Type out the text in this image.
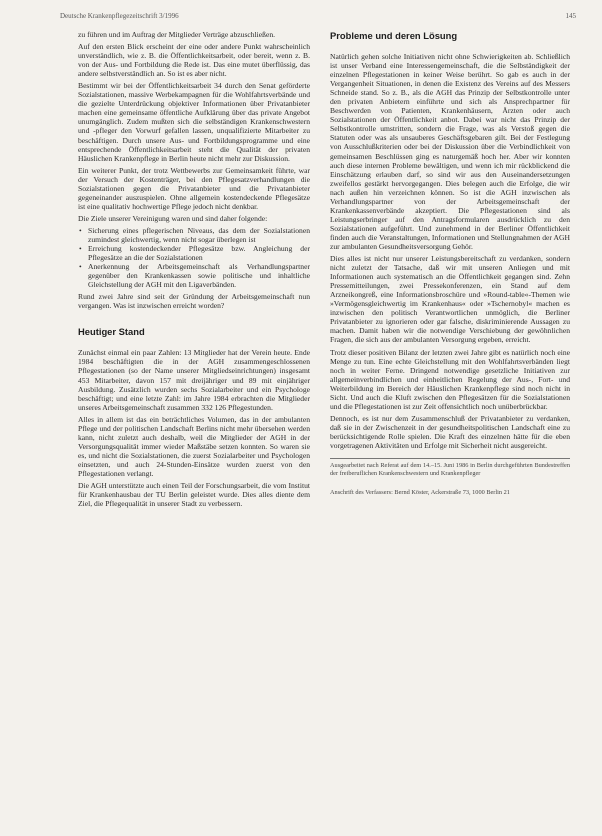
Deutsche Krankenpflegezeitschrift 3/1996	145

zu führen und im Auftrag der Mitglieder Verträge abzuschließen.

Auf den ersten Blick erscheint der eine oder andere Punkt wahrscheinlich unverständlich, wie z. B. die Öffentlichkeitsarbeit, oder bereit, wenn z. B. von der Aus- und Fortbildung die Rede ist. Das eine mutet überflüssig, das andere selbstverständlich an. So ist es aber nicht.

Bestimmt wir bei der Öffentlichkeitsarbeit 34 durch den Senat geförderte Sozialstationen, massive Werbekampagnen für die Wohlfahrtsverbände und die gezielte Unterdrückung objektiver Informationen über Privatanbieter machen eine gemeinsame öffentliche Aufklärung über das private Angebot unumgänglich. Zudem mußten sich die selbständigen Krankenschwestern und -pfleger den Vorwurf gefallen lassen, unqualifizierte Mitarbeiter zu beschäftigen. Durch unsere Aus- und Fortbildungsprogramme und eine entsprechende Öffentlichkeitsarbeit steht die Qualität der privaten Häuslichen Krankenpflege in Berlin heute nicht mehr zur Diskussion.

Ein weiterer Punkt, der trotz Wettbewerbs zur Gemeinsamkeit führte, war der Versuch der Kostenträger, bei den Pflegesatzverhandlungen die Sozialstationen gegen die Privatanbieter und die Privatanbieter gegeneinander auszuspielen. Ohne allgemein kostendeckende Pflegesätze ist eine qualitativ hochwertige Pflege jedoch nicht denkbar.

Die Ziele unserer Vereinigung waren und sind daher folgende:

• Sicherung eines pflegerischen Niveaus, das dem der Sozialstationen zumindest gleichwertig, wenn nicht sogar überlegen ist
• Erreichung kostendeckender Pflegesätze bzw. Angleichung der Pflegesätze an die der Sozialstationen
• Anerkennung der Arbeitsgemeinschaft als Verhandlungspartner gegenüber den Krankenkassen sowie politische und inhaltliche Gleichstellung der AGH mit den Ligaverbänden.

Rund zwei Jahre sind seit der Gründung der Arbeitsgemeinschaft nun vergangen. Was ist inzwischen erreicht worden?

Heutiger Stand

Zunächst einmal ein paar Zahlen: 13 Mitglieder hat der Verein heute. Ende 1984 beschäftigten die in der AGH zusammengeschlossenen Pflegestationen (so der Name unserer Mitgliedseinrichtungen) insgesamt 453 Mitarbeiter, davon 157 mit dreijähriger und 89 mit einjähriger Ausbildung. Zusätzlich wurden sechs Sozialarbeiter und ein Psychologe beschäftigt; und eine letzte Zahl: im Jahre 1984 erbrachten die Mitglieder unseres Arbeitsgemeinschaft zusammen 332 126 Pflegestunden.

Alles in allem ist das ein beträchtliches Volumen, das in der ambulanten Pflege und der politischen Landschaft Berlins nicht mehr übersehen werden kann, nicht zuletzt auch deshalb, weil die Mitglieder der AGH in der Versorgungsqualität immer wieder Maßstäbe setzen konnten. So waren sie es, und nicht die Sozialstationen, die zuerst Sozialarbeiter und Psychologen einsetzten, und auch 24-Stunden-Einsätze wurden zuerst von den Pflegestationen verlangt.

Die AGH unterstützte auch einen Teil der Forschungsarbeit, die vom Institut für Krankenhausbau der TU Berlin geleistet wurde. Dies alles diente dem Ziel, die Pflegequalität in unserer Stadt zu verbessern.

Probleme und deren Lösung

Natürlich gehen solche Initiativen nicht ohne Schwierigkeiten ab. Schließlich ist unser Verband eine Interessengemeinschaft, die die Selbständigkeit der einzelnen Pflegestationen in keiner Weise berührt. So gab es auch in der Vergangenheit Situationen, in denen die Existenz des Vereins auf des Messers Schneide stand. So z. B., als die AGH das Prinzip der Selbstkontrolle unter den privaten Anbietern einführte und sich als Ansprechpartner für Beschwerden von Patienten, Krankenhäusern, Ärzten oder auch Sozialstationen der Öffentlichkeit anbot. Dabei war nicht das Prinzip der Selbstkontrolle umstritten, sondern die Frage, was als Verstoß gegen die Statuten oder was als unsauberes Geschäftsgebaren gilt. Bei der Festlegung von Ausschlußkriterien oder bei der Diskussion über die Verbindlichkeit von gemeinsamen Beschlüssen ging es naturgemäß hoch her. Aber wir konnten auch diese internen Probleme bewältigen, und wenn ich mir rückblickend die Einschätzung erlauben darf, so sind wir aus den Auseinandersetzungen zweifellos gestärkt hervorgegangen. Dies belegen auch die Erfolge, die wir nach außen hin verzeichnen können. So ist die AGH inzwischen als Verhandlungspartner von der Arbeitsgemeinschaft der Krankenkassenverbände akzeptiert. Die Pflegestationen sind als Leistungserbringer auf den Antragsformularen ausdrücklich zu den Sozialstationen aufgeführt. Und zunehmend in der Berliner Öffentlichkeit finden auch die Veranstaltungen, Informationen und Stellungnahmen der AGH zur ambulanten Gesundheitsversorgung Gehör.

Dies alles ist nicht nur unserer Leistungsbereitschaft zu verdanken, sondern nicht zuletzt der Tatsache, daß wir mit unseren Anliegen und mit Informationen auch systematisch an die Öffentlichkeit gegangen sind. Zehn Pressemitteilungen, zwei Pressekonferenzen, ein Stand auf dem Arzneikongreß, eine Informationsbroschüre und »Round-table«-Themen wie »Vermögensgleichwertig im Krankenhaus« oder »Tschernobyl« machen es inzwischen den politisch Verantwortlichen unmöglich, die Berliner Privatanbieter zu ignorieren oder gar falsche, diskriminierende Aussagen zu machen. Damit haben wir die notwendige Verschiebung der gewöhnlichen Fragen, die sich aus der ambulanten Versorgung ergeben, erreicht.

Trotz dieser positiven Bilanz der letzten zwei Jahre gibt es natürlich noch eine Menge zu tun. Eine echte Gleichstellung mit den Wohlfahrtsverbänden liegt noch in weiter Ferne. Dringend notwendige gesetzliche Initiativen zur allgemeinverbindlichen und einheitlichen Regelung der Aus-, Fort- und Weiterbildung im Bereich der Häuslichen Krankenpflege sind noch nicht in Sicht. Und auch die Kluft zwischen den Pflegesätzen für die Sozialstationen und die Pflegestationen ist zur Zeit offensichtlich noch unüberbrückbar.

Dennoch, es ist nur dem Zusammenschluß der Privatanbieter zu verdanken, daß sie in der Zwischenzeit in der gesundheitspolitischen Landschaft eine zu berücksichtigende Rolle spielen. Die Kraft des einzelnen hätte für die eben vorgetragenen Aktivitäten und Erfolge mit Sicherheit nicht ausgereicht.

Ausgearbeitet nach Referat auf dem 14.–15. Juni 1986 in Berlin durchgeführten Bundestreffen der freiberuflichen Krankenschwestern und Krankenpfleger
Anschrift des Verfassers: Bernd Köster, Ackerstraße 73, 1000 Berlin 21
